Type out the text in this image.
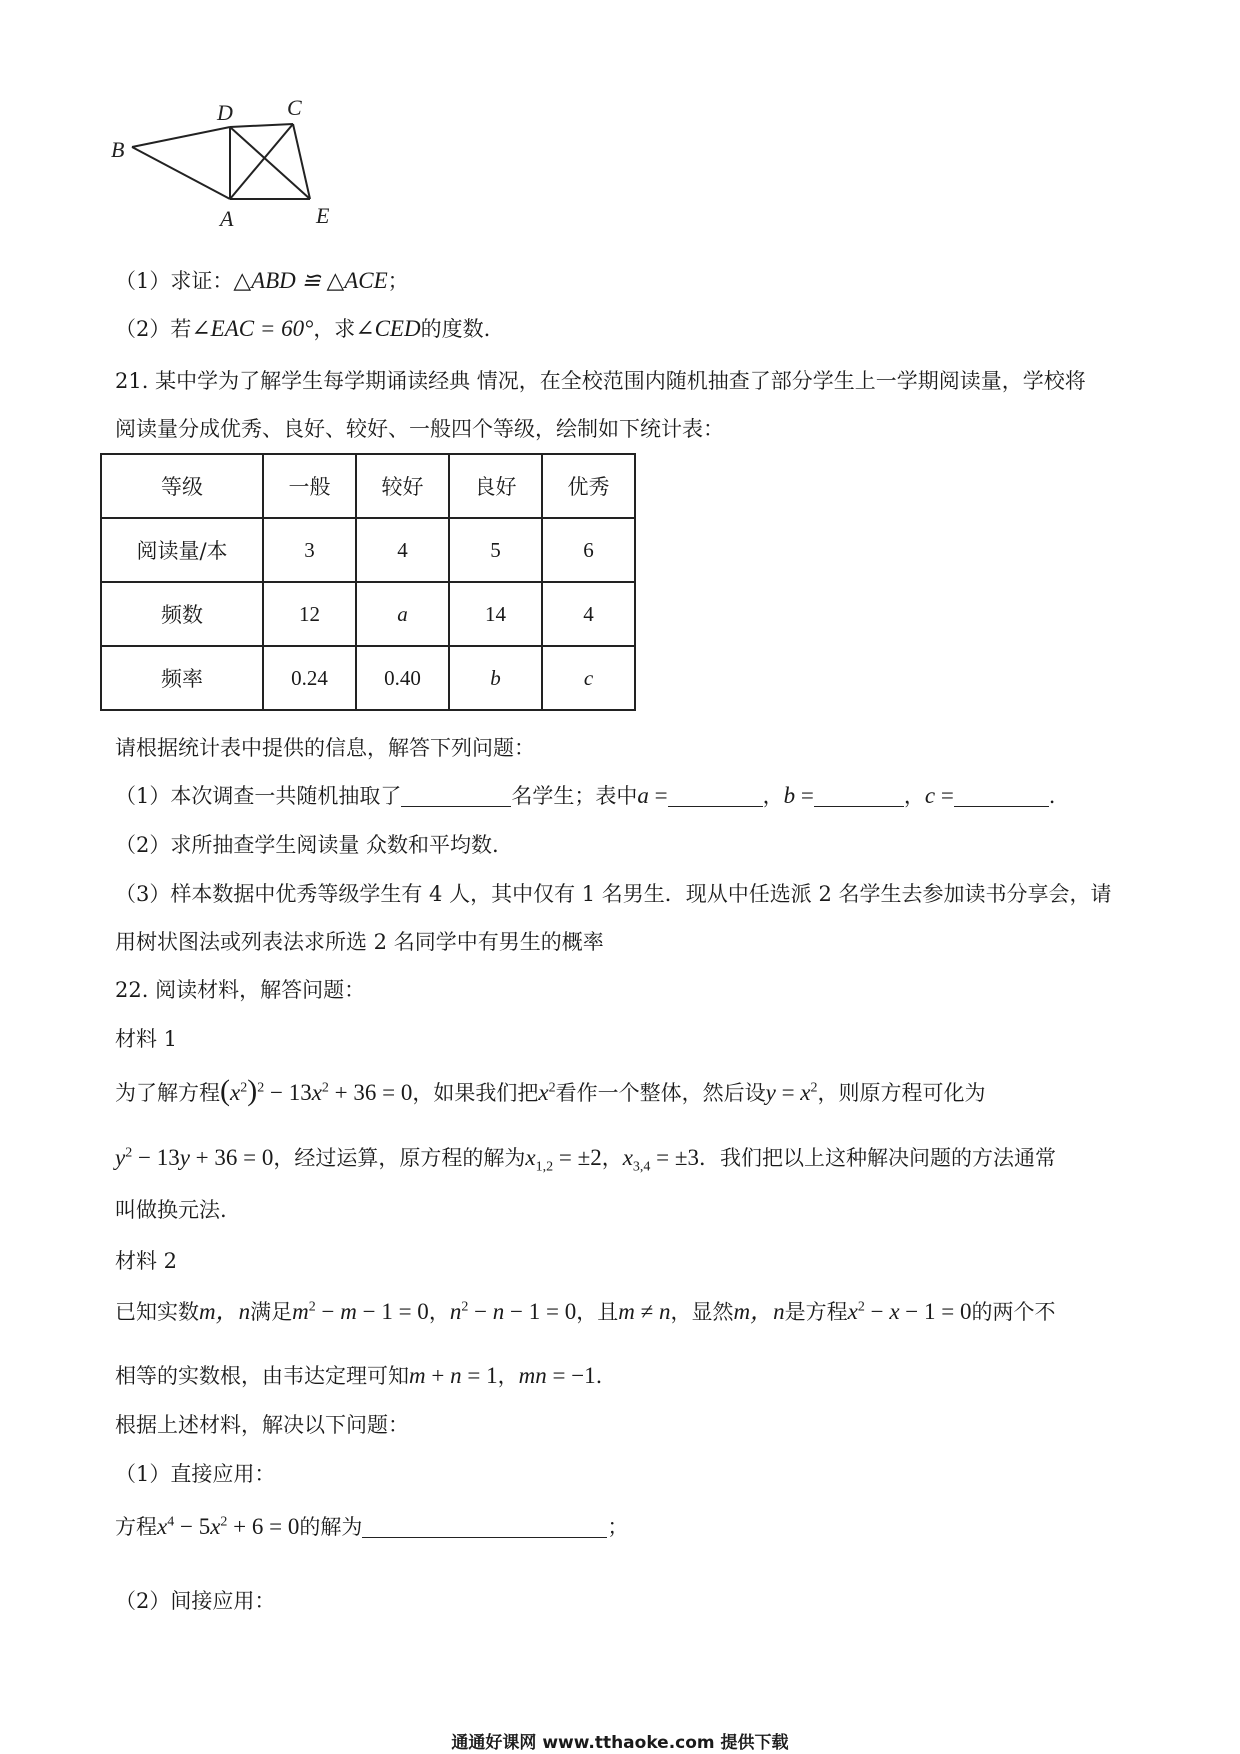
B
D C
A	E
（1）求证：△ABD ≌ △ACE；
（2）若∠EAC = 60°，求∠CED的度数.
21. 某中学为了解学生每学期诵读经典 情况，在全校范围内随机抽查了部分学生上一学期阅读量，学校将
阅读量分成优秀、良好、较好、一般四个等级，绘制如下统计表：
等级	一般	较好	良好	优秀
阅读量/本	3	4	5	6
频数	12	a	14	4
频率	0.24	0.40	b	c
请根据统计表中提供的信息，解答下列问题：
（1）本次调查一共随机抽取了	名学生；表中a =	，b =	，c =	.
（2）求所抽查学生阅读量 众数和平均数.
（3）样本数据中优秀等级学生有 4 人，其中仅有 1 名男生．现从中任选派 2 名学生去参加读书分享会，请
用树状图法或列表法求所选 2 名同学中有男生的概率
22. 阅读材料，解答问题：
材料 1
为了解方程$(x^2)^2 - 13x^2 + 36 = 0$，如果我们把$x^2$看作一个整体，然后设$y = x^2$，则原方程可化为
$y^2 - 13y + 36 = 0$，经过运算，原方程的解为$x_{1,2} = \pm 2$，$x_{3,4} = \pm 3$．我们把以上这种解决问题的方法通常
叫做换元法.
材料 2
已知实数m，n满足$m^2 - m - 1 = 0$，$n^2 - n - 1 = 0$，且m ≠ n，显然m，n是方程$x^2 - x - 1 = 0$的两个不
相等的实数根，由韦达定理可知m + n = 1，mn = −1.
根据上述材料，解决以下问题：
（1）直接应用：
方程$x^4 - 5x^2 + 6 = 0$的解为	；
（2）间接应用：
通通好课网 www.tthaoke.com 提供下载
